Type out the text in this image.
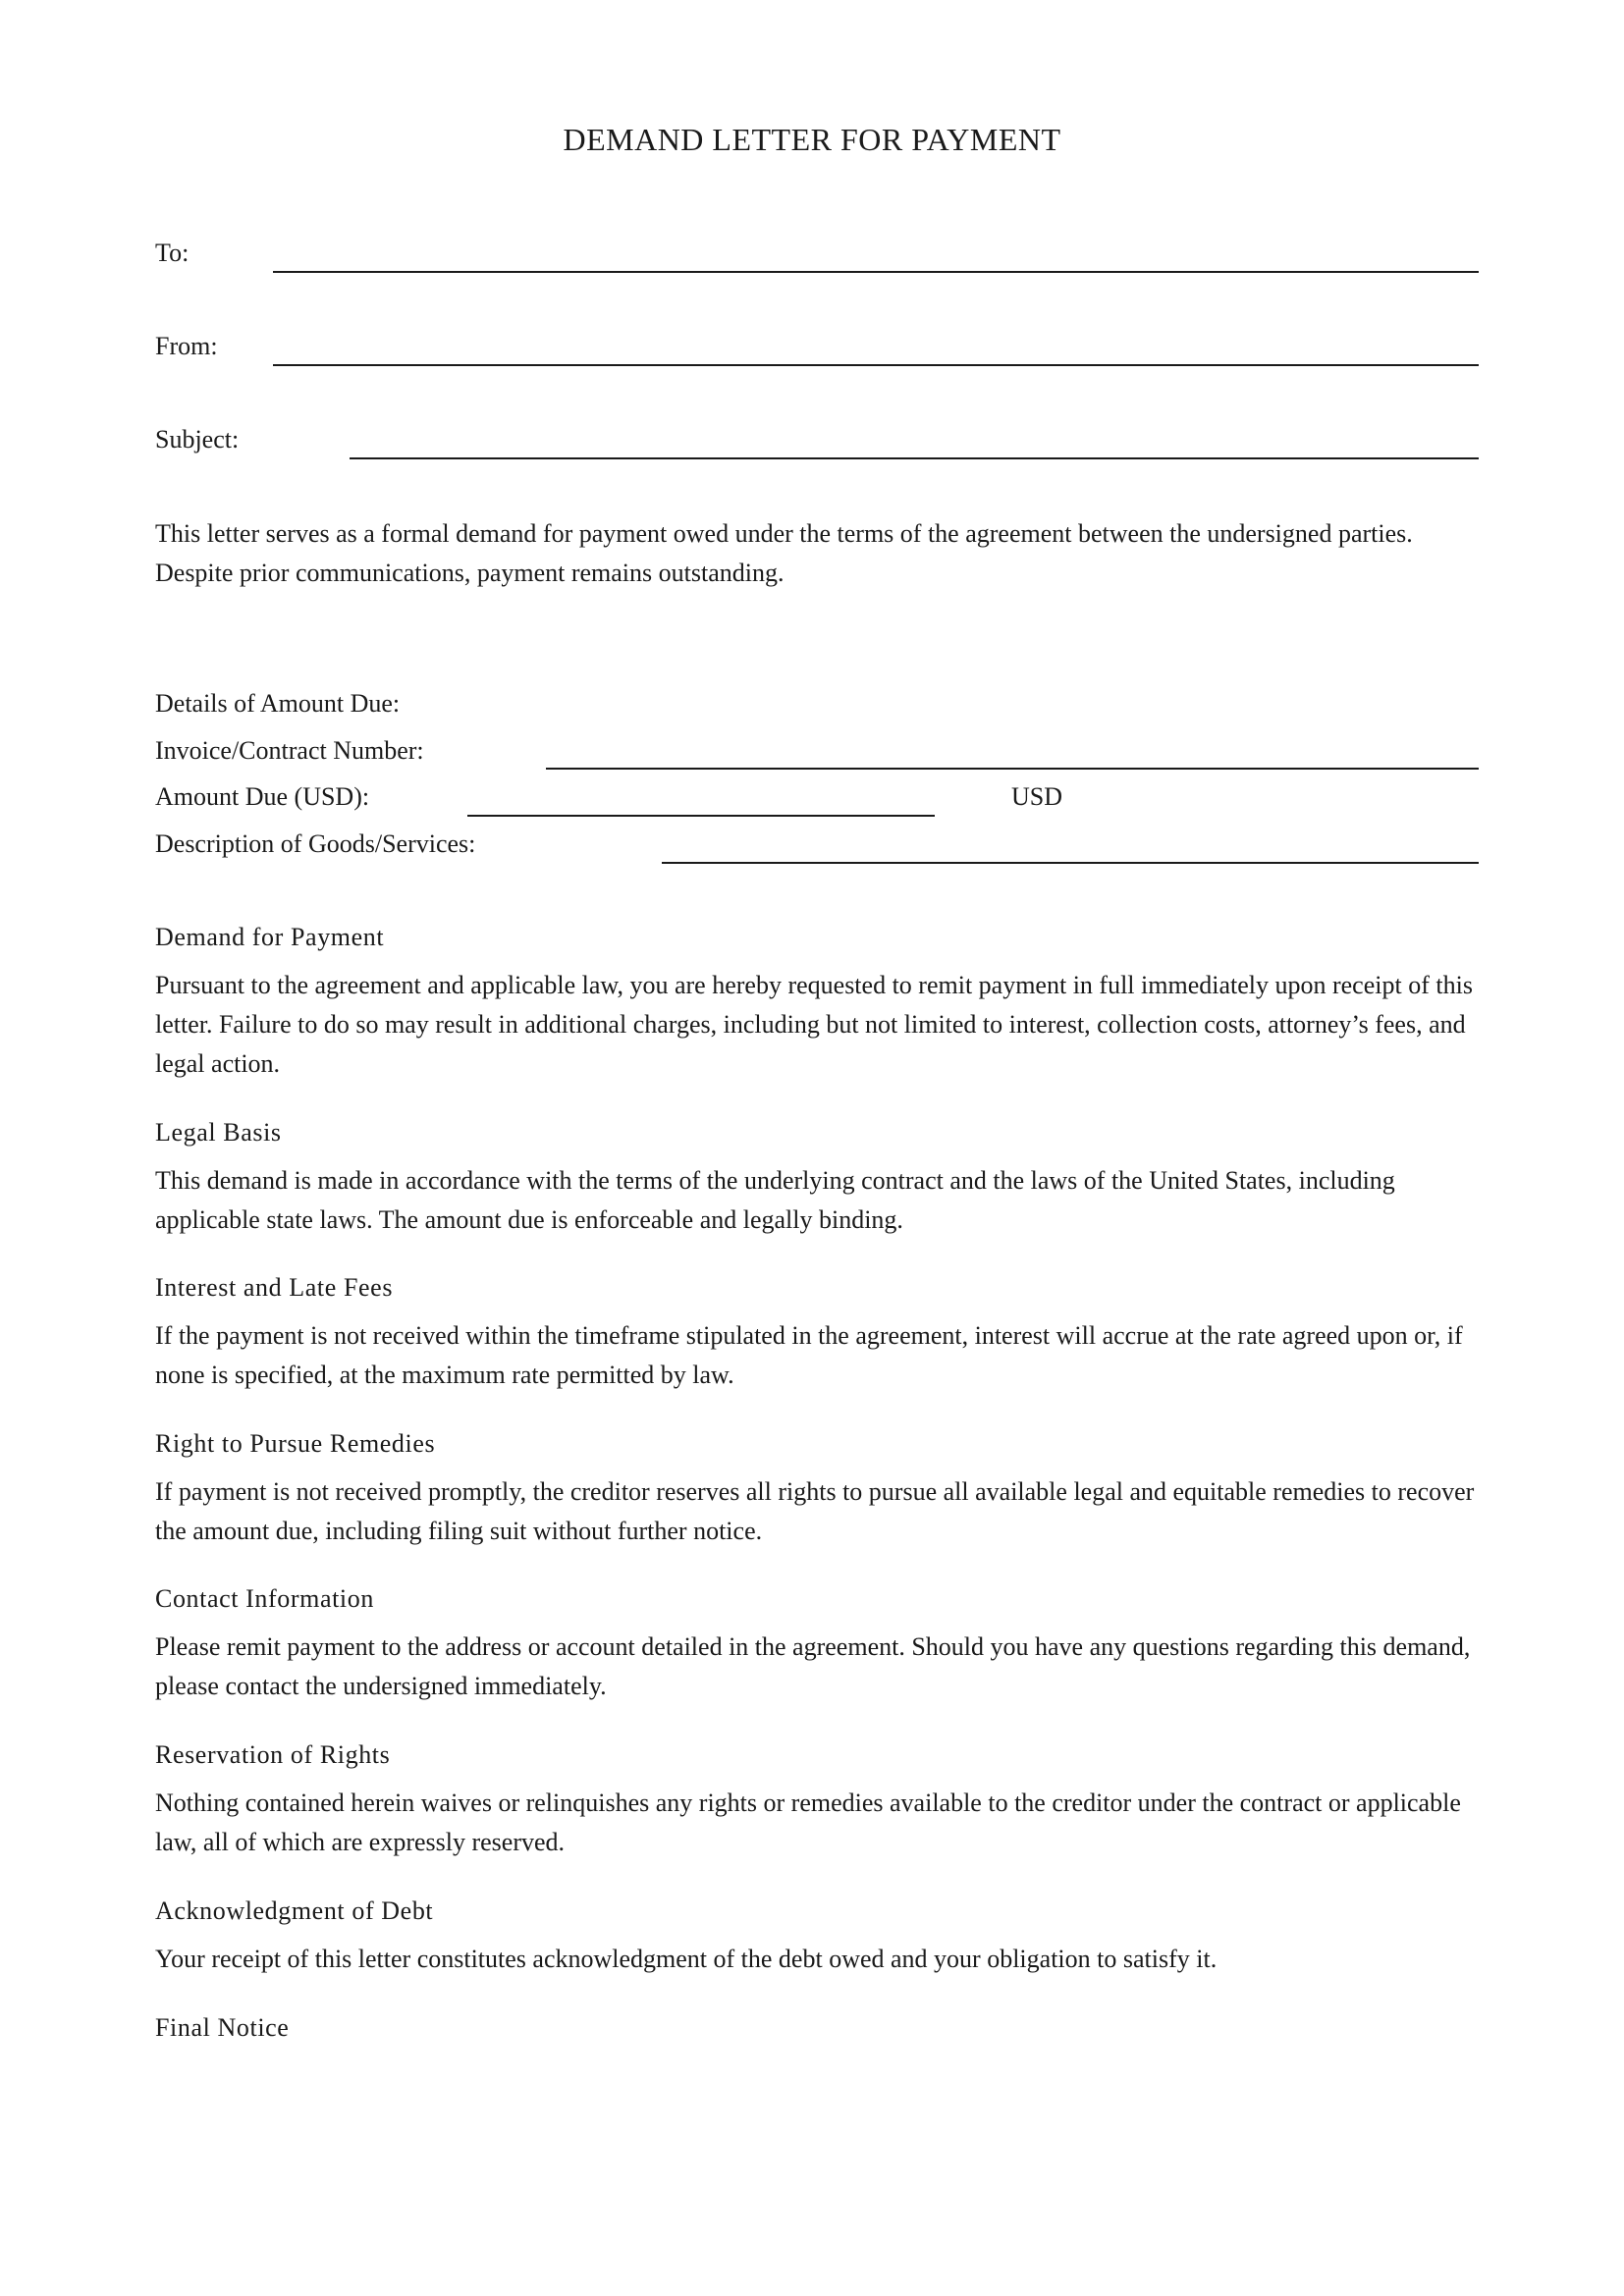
DEMAND LETTER FOR PAYMENT
To:
From:
Subject:
This letter serves as a formal demand for payment owed under the terms of the agreement between the undersigned parties. Despite prior communications, payment remains outstanding.
Details of Amount Due:
Invoice/Contract Number:
Amount Due (USD):	USD
Description of Goods/Services:
Demand for Payment
Pursuant to the agreement and applicable law, you are hereby requested to remit payment in full immediately upon receipt of this letter. Failure to do so may result in additional charges, including but not limited to interest, collection costs, attorney’s fees, and legal action.
Legal Basis
This demand is made in accordance with the terms of the underlying contract and the laws of the United States, including applicable state laws. The amount due is enforceable and legally binding.
Interest and Late Fees
If the payment is not received within the timeframe stipulated in the agreement, interest will accrue at the rate agreed upon or, if none is specified, at the maximum rate permitted by law.
Right to Pursue Remedies
If payment is not received promptly, the creditor reserves all rights to pursue all available legal and equitable remedies to recover the amount due, including filing suit without further notice.
Contact Information
Please remit payment to the address or account detailed in the agreement. Should you have any questions regarding this demand, please contact the undersigned immediately.
Reservation of Rights
Nothing contained herein waives or relinquishes any rights or remedies available to the creditor under the contract or applicable law, all of which are expressly reserved.
Acknowledgment of Debt
Your receipt of this letter constitutes acknowledgment of the debt owed and your obligation to satisfy it.
Final Notice
